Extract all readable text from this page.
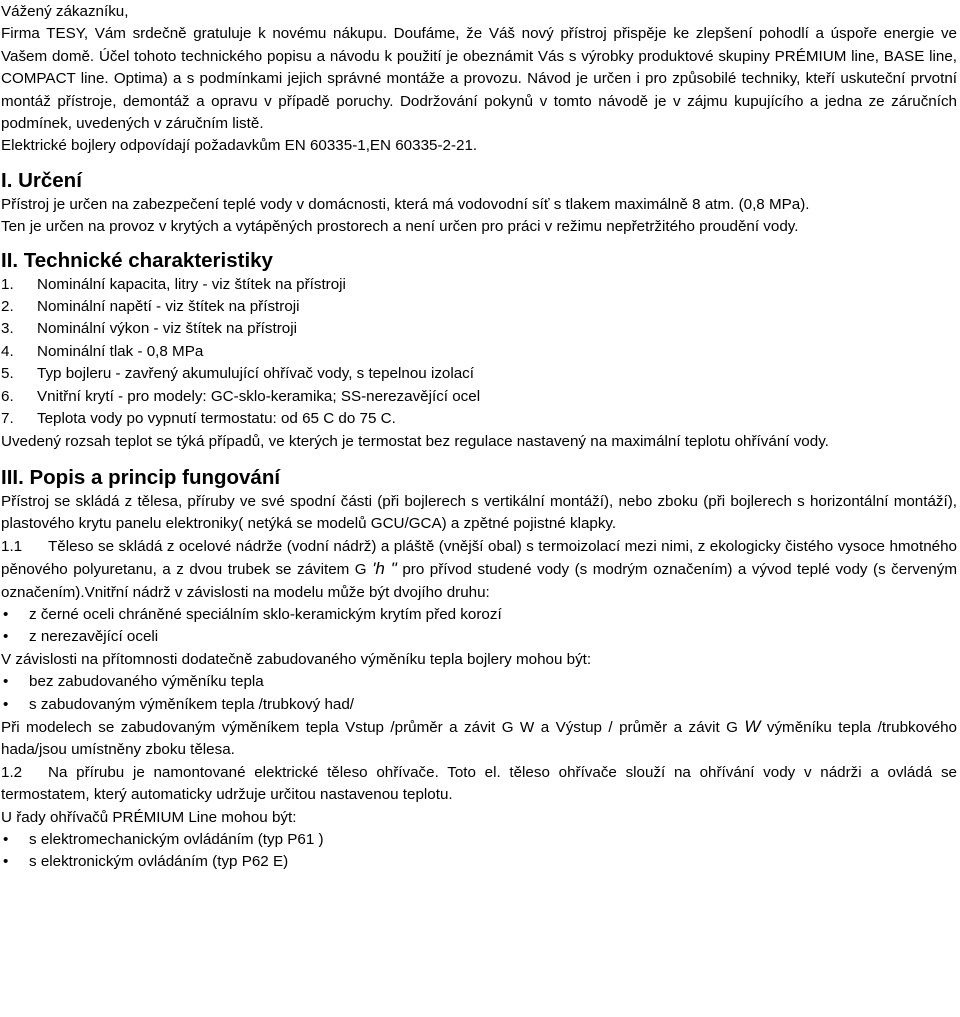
Vážený zákazníku,

Firma TESY, Vám srdečně gratuluje k novému nákupu. Doufáme, že Váš nový přístroj přispěje ke zlepšení pohodlí a úspoře energie ve Vašem domě. Účel tohoto technického popisu a návodu k použití je obeznámit Vás s výrobky produktové skupiny PRÉMIUM line, BASE line, COMPACT line. Optima) a s podmínkami jejich správné montáže a provozu. Návod je určen i pro způsobilé techniky, kteří uskuteční prvotní montáž přístroje, demontáž a opravu v případě poruchy. Dodržování pokynů v tomto návodě je v zájmu kupujícího a jedna ze záručních podmínek, uvedených v záručním listě.

Elektrické bojlery odpovídají požadavkům EN 60335-1,EN 60335-2-21.

I. Určení

Přístroj je určen na zabezpečení teplé vody v domácnosti, která má vodovodní síť s tlakem maximálně 8 atm. (0,8 MPa).

Ten je určen na provoz v krytých a vytápěných prostorech a není určen pro práci v režimu nepřetržitého proudění vody.

II. Technické charakteristiky

1. Nominální kapacita, litry - viz štítek na přístroji

2. Nominální napětí - viz štítek na přístroji

3. Nominální výkon - viz štítek na přístroji

4. Nominální tlak - 0,8 MPa

5. Typ bojleru - zavřený akumulující ohřívač vody, s tepelnou izolací

6. Vnitřní krytí - pro modely: GC-sklo-keramika; SS-nerezavějící ocel

7. Teplota vody po vypnutí termostatu: od 65 C do 75 C.

Uvedený rozsah teplot se týká případů, ve kterých je termostat bez regulace nastavený na maximální teplotu ohřívání vody.

III. Popis a princip fungování

Přístroj se skládá z tělesa, příruby ve své spodní části (při bojlerech s vertikální montáží), nebo zboku (při bojlerech s horizontální montáží), plastového krytu panelu elektroniky( netýká se modelů GCU/GCA) a zpětné pojistné klapky.

1.1 Těleso se skládá z ocelové nádrže (vodní nádrž) a pláště (vnější obal) s termoizolací mezi nimi, z ekologicky čistého vysoce hmotného pěnového polyuretanu, a z dvou trubek se závitem G 'h " pro přívod studené vody (s modrým označením) a vývod teplé vody (s červeným označením).Vnitřní nádrž v závislosti na modelu může být dvojího druhu:

• z černé oceli chráněné speciálním sklo-keramickým krytím před korozí

• z nerezavějící oceli

V závislosti na přítomnosti dodatečně zabudovaného výměníku tepla bojlery mohou být:

• bez zabudovaného výměníku tepla

• s zabudovaným výměníkem tepla /trubkový had/

Při modelech se zabudovaným výměníkem tepla Vstup /průměr a závit G W a Výstup / průměr a závit G W výměníku tepla /trubkového hada/jsou umístněny zboku tělesa.

1.2 Na přírubu je namontované elektrické těleso ohřívače. Toto el. těleso ohřívače slouží na ohřívání vody v nádrži a ovládá se termostatem, který automaticky udržuje určitou nastavenou teplotu.

U řady ohřívačů PRÉMIUM Line mohou být:

• s elektromechanickým ovládáním (typ P61 )

• s elektronickým ovládáním (typ P62 E)
